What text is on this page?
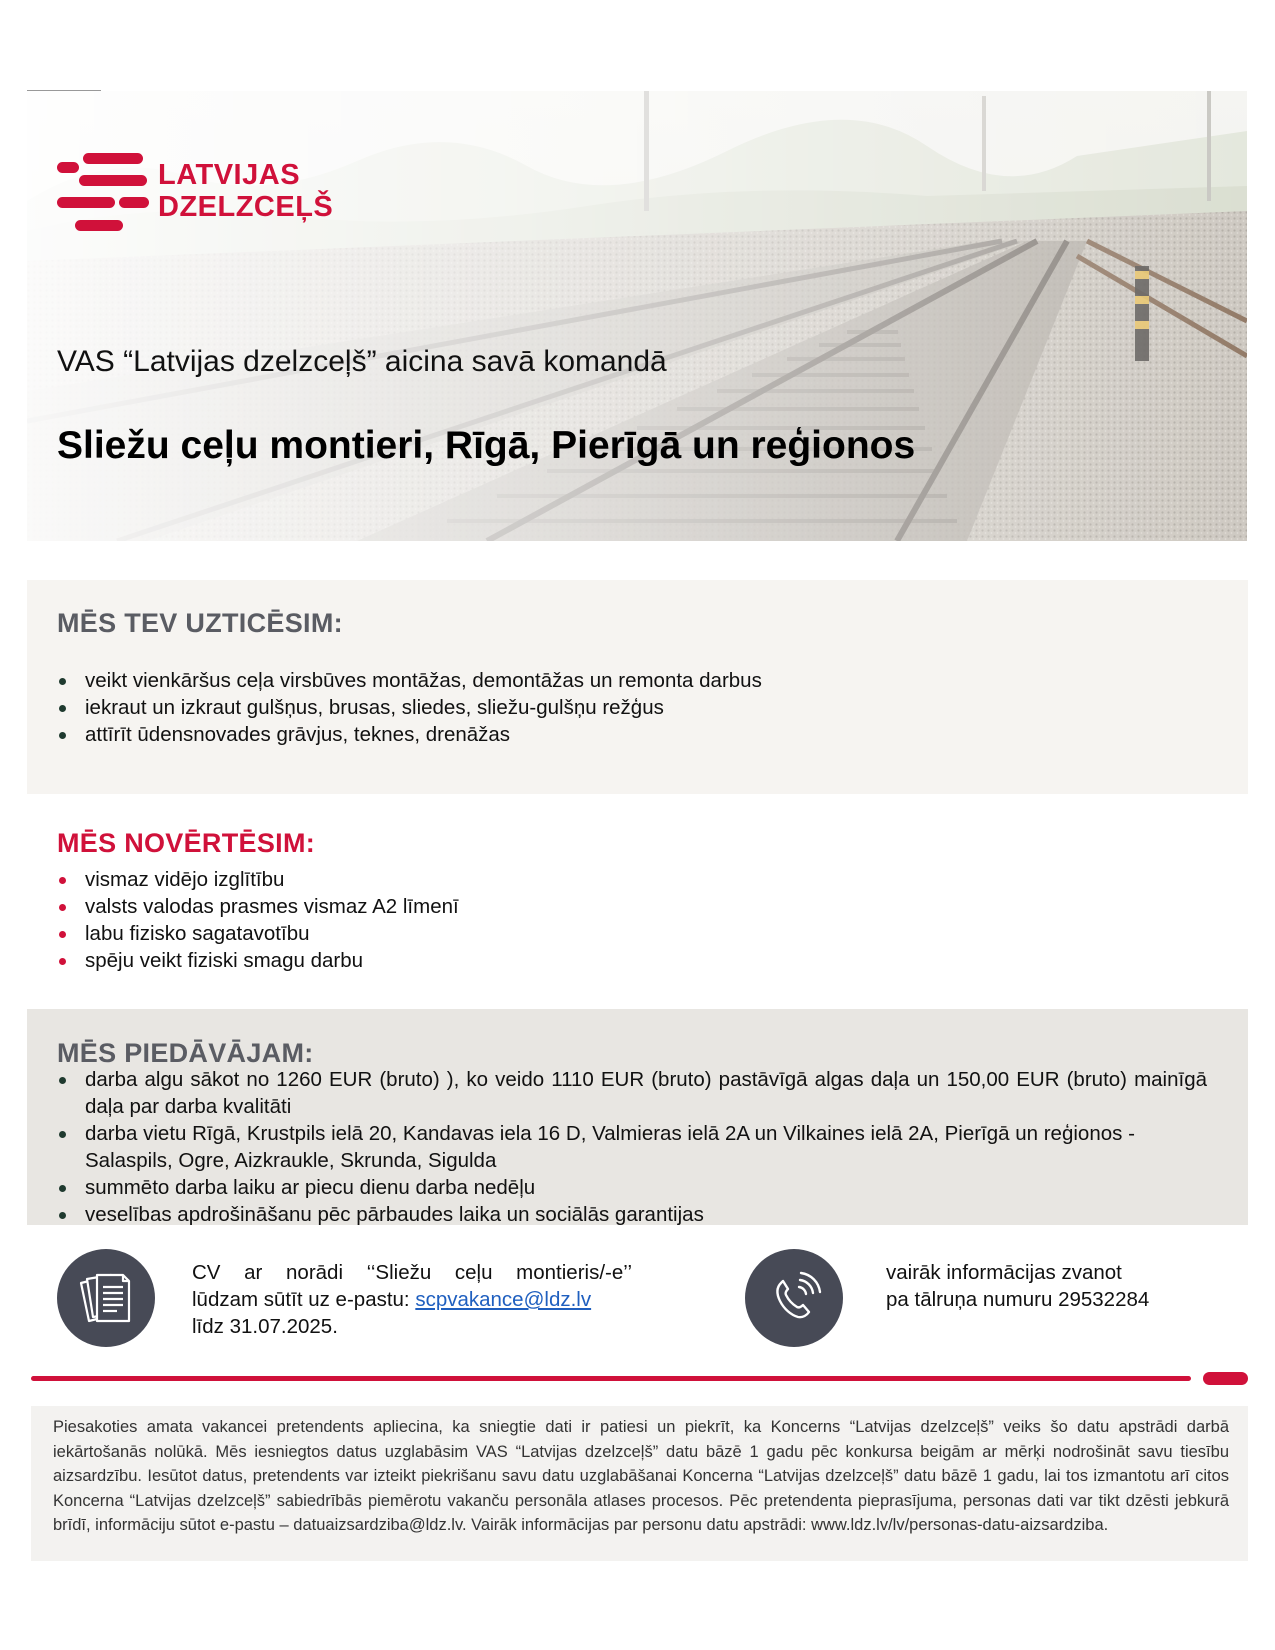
LATVIJAS
DZELZCEĻŠ
VAS “Latvijas dzelzceļš” aicina savā komandā
Sliežu ceļu montieri, Rīgā, Pierīgā un reģionos
MĒS TEV UZTICĒSIM:
veikt vienkāršus ceļa virsbūves montāžas, demontāžas un remonta darbus
iekraut un izkraut gulšņus, brusas, sliedes, sliežu-gulšņu režģus
attīrīt ūdensnovades grāvjus, teknes, drenāžas
MĒS NOVĒRTĒSIM:
vismaz vidējo izglītību
valsts valodas prasmes vismaz A2 līmenī
labu fizisko sagatavotību
spēju veikt fiziski smagu darbu
MĒS PIEDĀVĀJAM:
darba algu sākot no 1260 EUR (bruto) ), ko veido 1110 EUR (bruto) pastāvīgā algas daļa un 150,00 EUR (bruto) mainīgā daļa par darba kvalitāti
darba vietu Rīgā, Krustpils ielā 20, Kandavas iela 16 D, Valmieras ielā 2A un Vilkaines ielā 2A, Pierīgā un reģionos - Salaspils, Ogre, Aizkraukle, Skrunda, Sigulda
summēto darba laiku ar piecu dienu darba nedēļu
veselības apdrošināšanu pēc pārbaudes laika un sociālās garantijas
CV ar norādi ‘‘Sliežu ceļu montieris/-e’’
lūdzam sūtīt uz e-pastu: scpvakance@ldz.lv
līdz 31.07.2025.
vairāk informācijas zvanot
pa tālruņa numuru 29532284

Piesakoties amata vakancei pretendents apliecina, ka sniegtie dati ir patiesi un piekrīt, ka Koncerns “Latvijas dzelzceļš” veiks šo datu apstrādi darbā iekārtošanās nolūkā. Mēs iesniegtos datus uzglabāsim VAS “Latvijas dzelzceļš” datu bāzē 1 gadu pēc konkursa beigām ar mērķi nodrošināt savu tiesību aizsardzību. Iesūtot datus, pretendents var izteikt piekrišanu savu datu uzglabāšanai Koncerna “Latvijas dzelzceļš” datu bāzē 1 gadu, lai tos izmantotu arī citos Koncerna “Latvijas dzelzceļš” sabiedrībās piemērotu vakanču personāla atlases procesos. Pēc pretendenta pieprasījuma, personas dati var tikt dzēsti jebkurā brīdī, informāciju sūtot e-pastu – datuaizsardziba@ldz.lv. Vairāk informācijas par personu datu apstrādi: www.ldz.lv/lv/personas-datu-aizsardziba.
